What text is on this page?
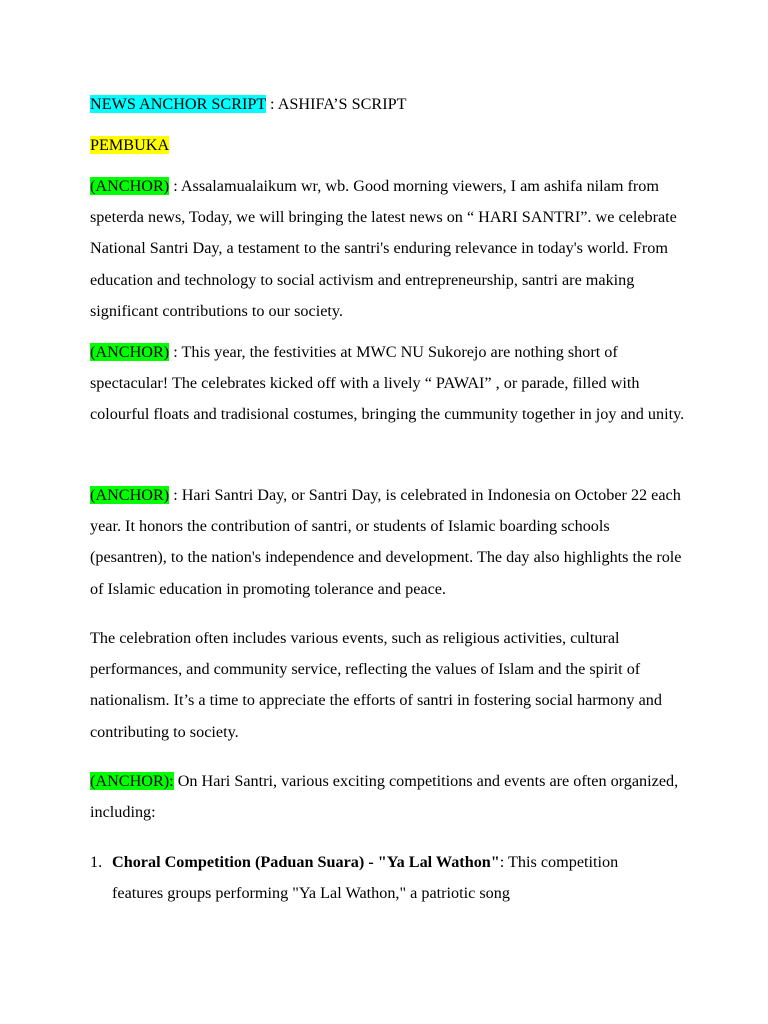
NEWS ANCHOR SCRIPT : ASHIFA’S SCRIPT

PEMBUKA

(ANCHOR) : Assalamualaikum wr, wb. Good morning viewers, I am ashifa nilam from speterda news, Today, we will bringing the latest news on “ HARI SANTRI”. we celebrate National Santri Day, a testament to the santri's enduring relevance in today's world. From education and technology to social activism and entrepreneurship, santri are making significant contributions to our society.

(ANCHOR) : This year, the festivities at MWC NU Sukorejo are nothing short of spectacular! The celebrates kicked off with a lively “ PAWAI” , or parade, filled with colourful floats and tradisional costumes, bringing the cummunity together in joy and unity.

(ANCHOR) : Hari Santri Day, or Santri Day, is celebrated in Indonesia on October 22 each year. It honors the contribution of santri, or students of Islamic boarding schools (pesantren), to the nation's independence and development. The day also highlights the role of Islamic education in promoting tolerance and peace.

The celebration often includes various events, such as religious activities, cultural performances, and community service, reflecting the values of Islam and the spirit of nationalism. It’s a time to appreciate the efforts of santri in fostering social harmony and contributing to society.

(ANCHOR): On Hari Santri, various exciting competitions and events are often organized, including:

1. Choral Competition (Paduan Suara) - "Ya Lal Wathon": This competition features groups performing "Ya Lal Wathon," a patriotic song
